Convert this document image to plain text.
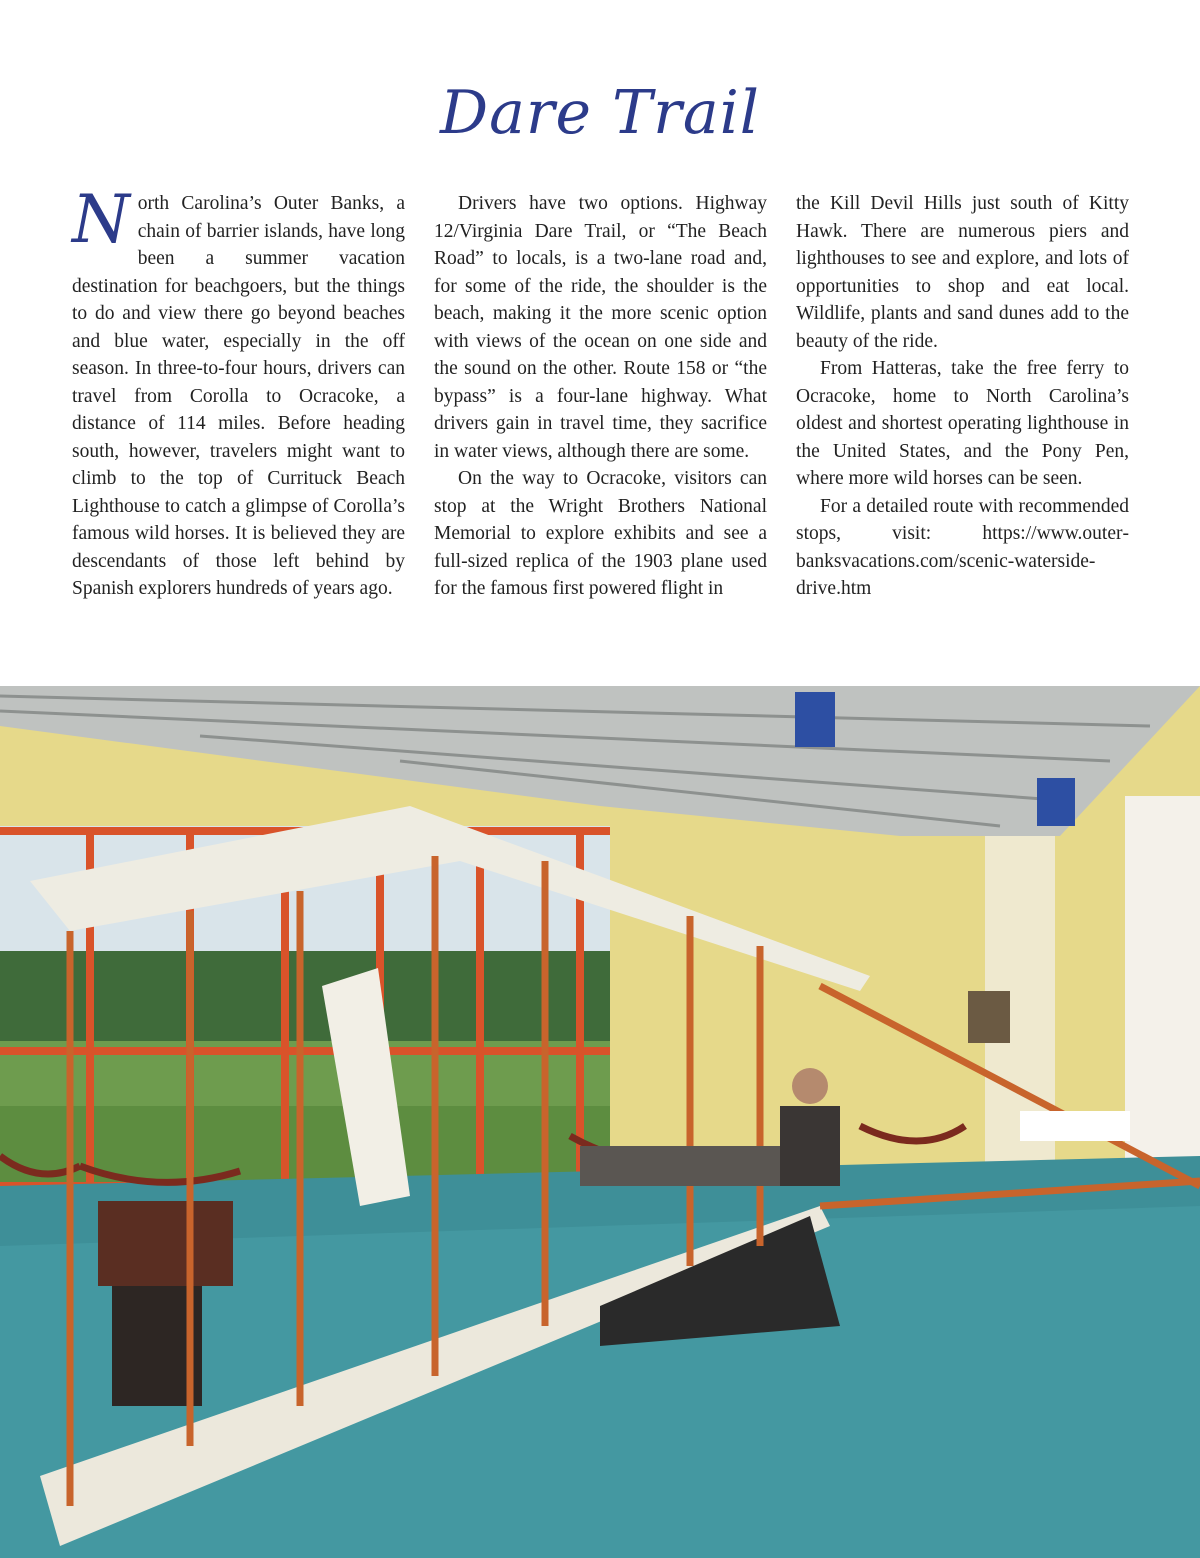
Dare Trail

North Carolina’s Outer Banks, a chain of barrier islands, have long been a summer vacation destination for beachgoers, but the things to do and view there go beyond beaches and blue water, especially in the off season. In three-to-four hours, drivers can travel from Corolla to Ocracoke, a distance of 114 miles. Before heading south, however, travelers might want to climb to the top of Currituck Beach Lighthouse to catch a glimpse of Corolla’s famous wild horses. It is believed they are descendants of those left behind by Spanish explorers hundreds of years ago.

Drivers have two options. Highway 12/Virginia Dare Trail, or “The Beach Road” to locals, is a two-lane road and, for some of the ride, the shoulder is the beach, making it the more scenic option with views of the ocean on one side and the sound on the other. Route 158 or “the bypass” is a four-lane highway. What drivers gain in travel time, they sacrifice in water views, although there are some.

On the way to Ocracoke, visitors can stop at the Wright Brothers National Memorial to explore exhibits and see a full-sized replica of the 1903 plane used for the famous first powered flight in

the Kill Devil Hills just south of Kitty Hawk. There are numerous piers and lighthouses to see and explore, and lots of opportunities to shop and eat local. Wildlife, plants and sand dunes add to the beauty of the ride.

From Hatteras, take the free ferry to Ocracoke, home to North Carolina’s oldest and shortest operating lighthouse in the United States, and the Pony Pen, where more wild horses can be seen.

For a detailed route with recommended stops, visit: https://www.outerbanksvacations.com/scenic-waterside-drive.htm
